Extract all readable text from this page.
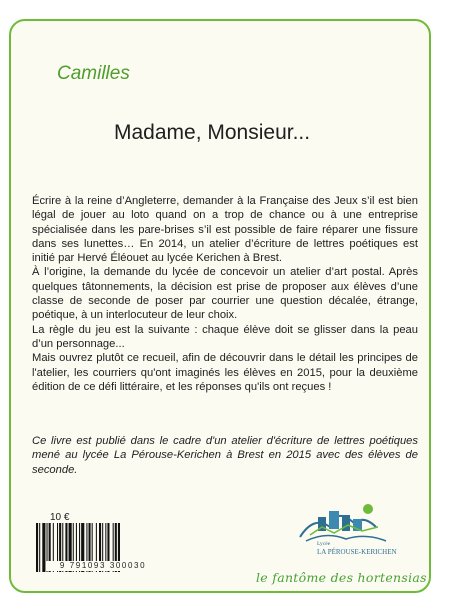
Camilles
Madame, Monsieur...

Écrire à la reine d’Angleterre, demander à la Française des Jeux s’il est bien légal de jouer au loto quand on a trop de chance ou à une entreprise spécialisée dans les pare-brises s’il est possible de faire réparer une fissure dans ses lunettes… En 2014, un atelier d’écriture de lettres poétiques est initié par Hervé Éléouet au lycée Kerichen à Brest.

À l’origine, la demande du lycée de concevoir un atelier d’art postal. Après quelques tâtonnements, la décision est prise de proposer aux élèves d’une classe de seconde de poser par courrier une question décalée, étrange, poétique, à un interlocuteur de leur choix.

La règle du jeu est la suivante : chaque élève doit se glisser dans la peau d’un personnage...

Mais ouvrez plutôt ce recueil, afin de découvrir dans le détail les principes de l'atelier, les courriers qu'ont imaginés les élèves en 2015, pour la deuxième édition de ce défi littéraire, et les réponses qu'ils ont reçues !

Ce livre est publié dans le cadre d'un atelier d'écriture de lettres poétiques mené au lycée La Pérouse-Kerichen à Brest en 2015 avec des élèves de seconde.
10 €
9 791093 300030
Lycée
LA PÉROUSE-KERICHEN
le fantôme des hortensias
